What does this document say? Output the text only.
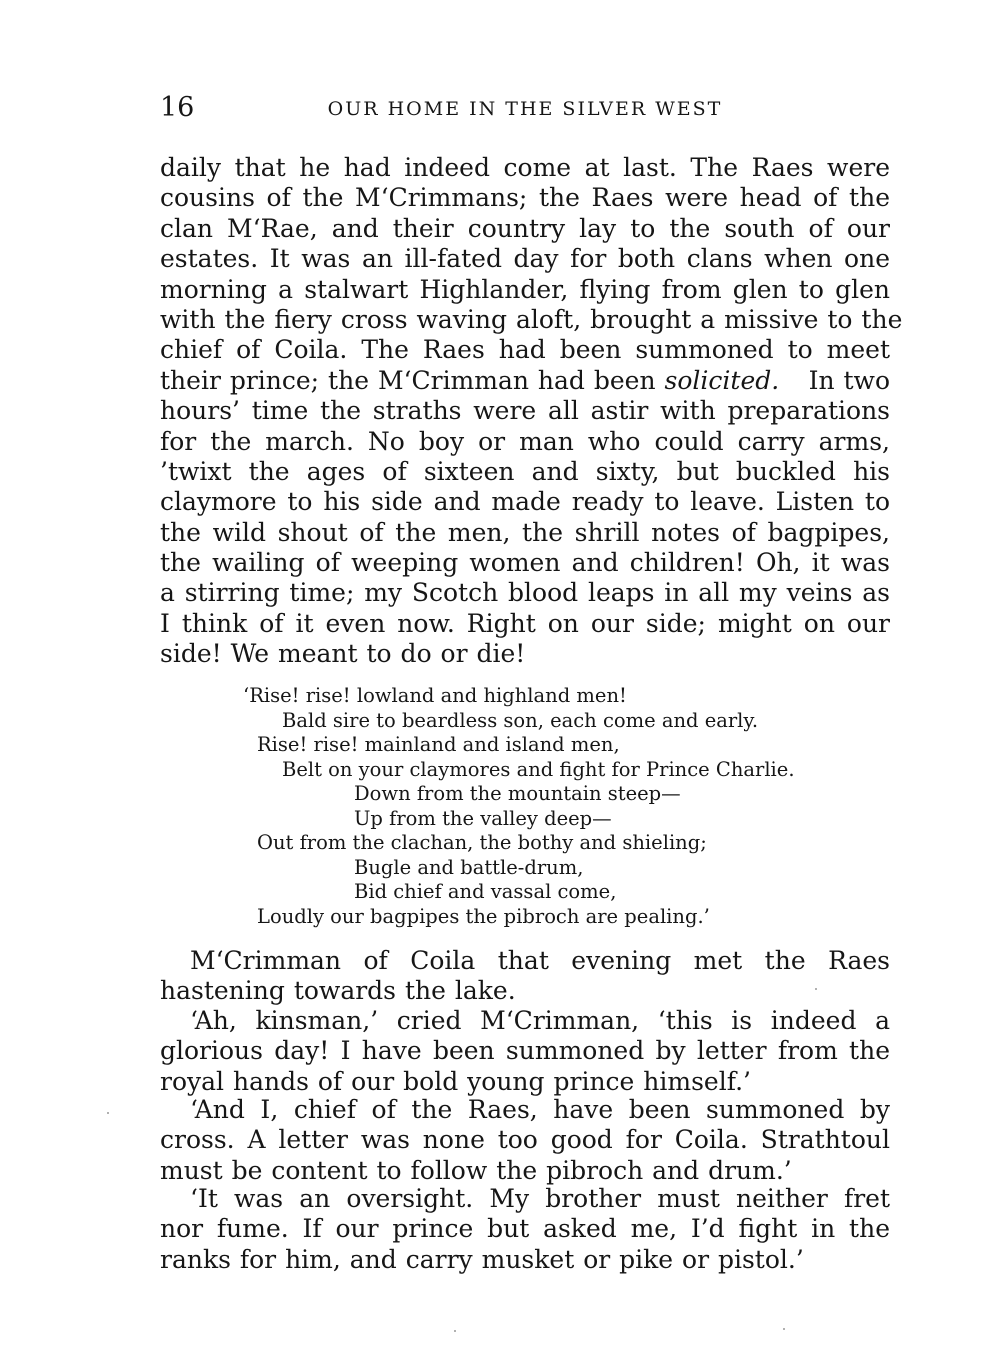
16	OUR HOME IN THE SILVER WEST
daily that he had indeed come at last. The Raes were
cousins of the M‘Crimmans; the Raes were head of the
clan M‘Rae, and their country lay to the south of our
estates. It was an ill-fated day for both clans when one
morning a stalwart Highlander, flying from glen to glen
with the fiery cross waving aloft, brought a missive to the
chief of Coila. The Raes had been summoned to meet
their prince; the M‘Crimman had been solicited. In two
hours’ time the straths were all astir with preparations
for the march. No boy or man who could carry arms,
’twixt the ages of sixteen and sixty, but buckled his
claymore to his side and made ready to leave. Listen to
the wild shout of the men, the shrill notes of bagpipes,
the wailing of weeping women and children! Oh, it was
a stirring time; my Scotch blood leaps in all my veins as
I think of it even now. Right on our side; might on our
side! We meant to do or die!
‘Rise! rise! lowland and highland men!
Bald sire to beardless son, each come and early.
Rise! rise! mainland and island men,
Belt on your claymores and fight for Prince Charlie.
Down from the mountain steep—
Up from the valley deep—
Out from the clachan, the bothy and shieling;
Bugle and battle-drum,
Bid chief and vassal come,
Loudly our bagpipes the pibroch are pealing.’
M‘Crimman of Coila that evening met the Raes
hastening towards the lake.
‘Ah, kinsman,’ cried M‘Crimman, ‘this is indeed a
glorious day! I have been summoned by letter from the
royal hands of our bold young prince himself.’
‘And I, chief of the Raes, have been summoned by
cross. A letter was none too good for Coila. Strathtoul
must be content to follow the pibroch and drum.’
‘It was an oversight. My brother must neither fret
nor fume. If our prince but asked me, I’d fight in the
ranks for him, and carry musket or pike or pistol.’
